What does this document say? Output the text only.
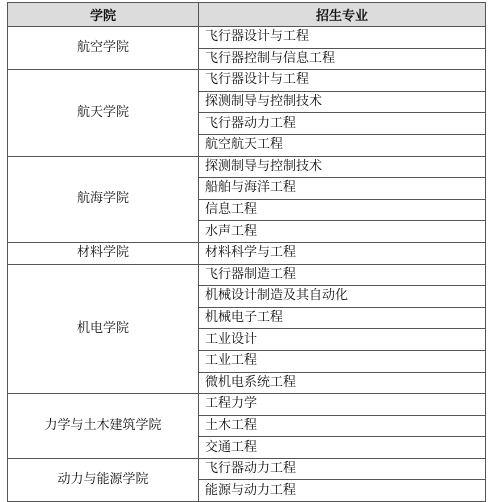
学院	招生专业
航空学院	飞行器设计与工程
	飞行器控制与信息工程
航天学院	飞行器设计与工程
	探测制导与控制技术
	飞行器动力工程
	航空航天工程
航海学院	探测制导与控制技术
	船舶与海洋工程
	信息工程
	水声工程
材料学院	材料科学与工程
机电学院	飞行器制造工程
	机械设计制造及其自动化
	机械电子工程
	工业设计
	工业工程
	微机电系统工程
力学与土木建筑学院	工程力学
	土木工程
	交通工程
动力与能源学院	飞行器动力工程
	能源与动力工程
